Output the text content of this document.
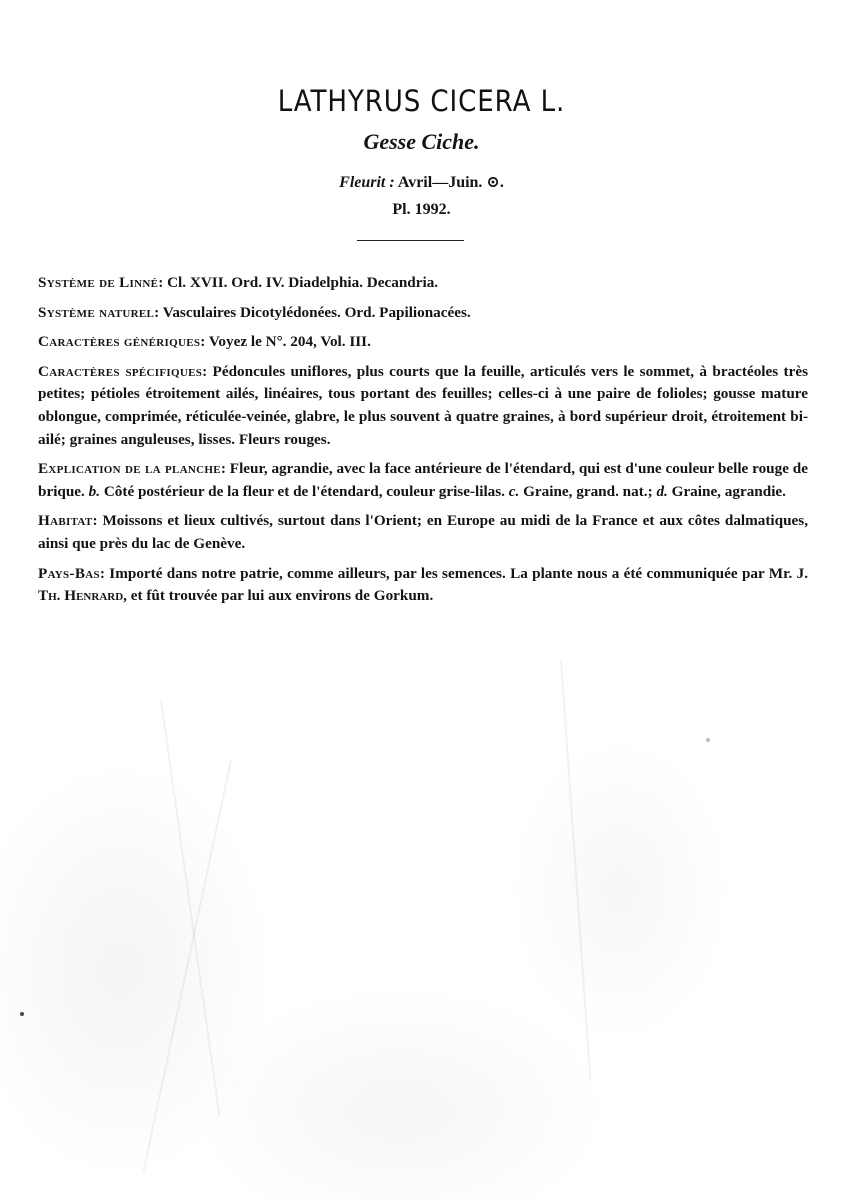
LATHYRUS CICERA L.
Gesse Ciche.
Fleurit : Avril—Juin. ⊙.
Pl. 1992.

Système de Linné: Cl. XVII. Ord. IV. Diadelphia. Decandria.

Système naturel: Vasculaires Dicotylédonées. Ord. Papilionacées.

Caractères génériques: Voyez le N°. 204, Vol. III.

Caractères spécifiques: Pédoncules uniflores, plus courts que la feuille, articulés vers le sommet, à bractéoles très petites; pétioles étroitement ailés, linéaires, tous portant des feuilles; celles-ci à une paire de folioles; gousse mature oblongue, comprimée, réticulée-veinée, glabre, le plus souvent à quatre graines, à bord supérieur droit, étroitement bi-ailé; graines anguleuses, lisses. Fleurs rouges.

Explication de la planche: Fleur, agrandie, avec la face antérieure de l'étendard, qui est d'une couleur belle rouge de brique. b. Côté postérieur de la fleur et de l'étendard, couleur grise-lilas. c. Graine, grand. nat.; d. Graine, agrandie.

Habitat: Moissons et lieux cultivés, surtout dans l'Orient; en Europe au midi de la France et aux côtes dalmatiques, ainsi que près du lac de Genève.

Pays-Bas: Importé dans notre patrie, comme ailleurs, par les semences. La plante nous a été communiquée par Mr. J. Th. Henrard, et fût trouvée par lui aux environs de Gorkum.
